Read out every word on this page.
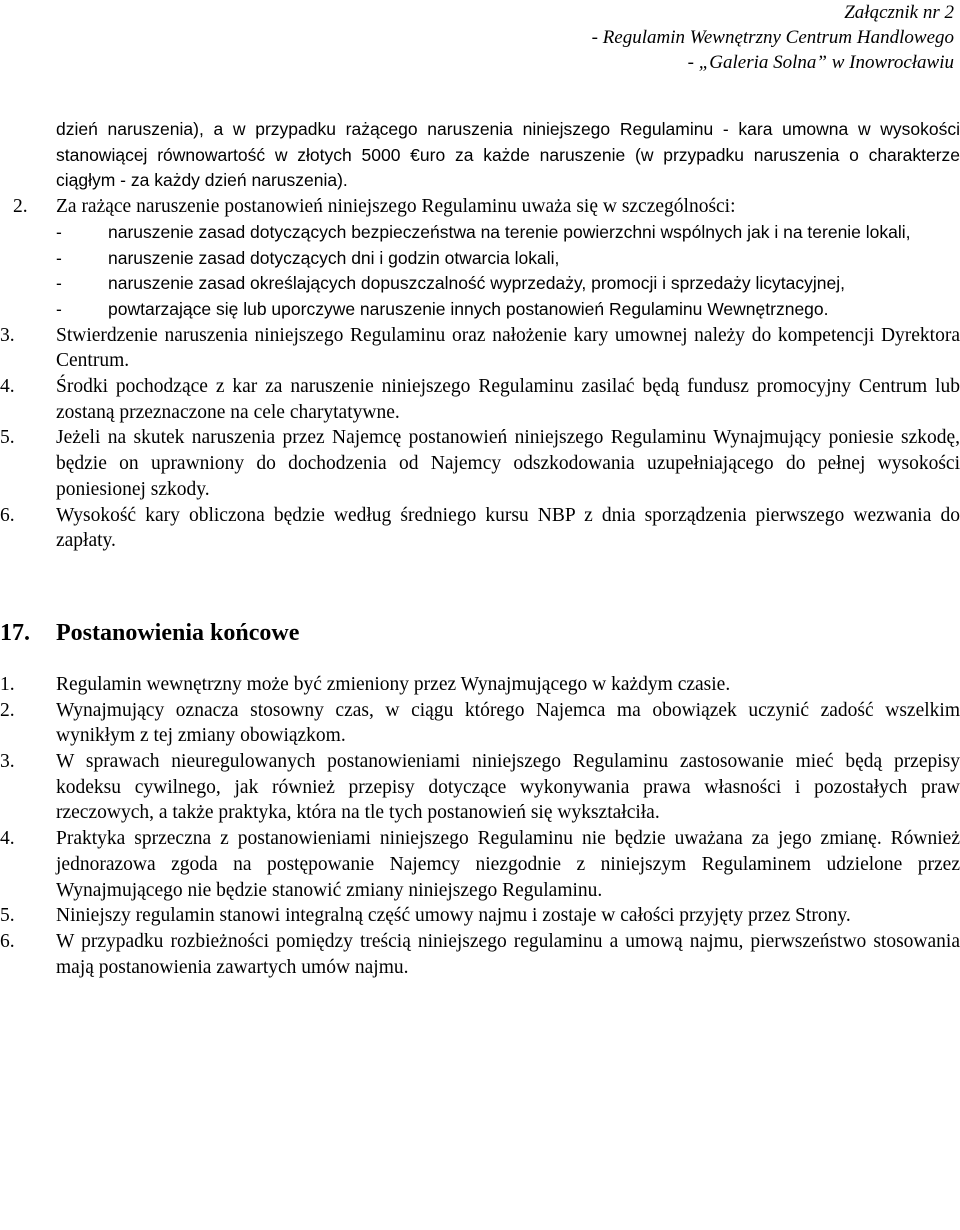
Załącznik nr 2
- Regulamin Wewnętrzny Centrum Handlowego
- „Galeria Solna” w Inowrocławiu

dzień naruszenia), a w przypadku rażącego naruszenia niniejszego Regulaminu - kara umowna w wysokości stanowiącej równowartość w złotych 5000 €uro za każde naruszenie (w przypadku naruszenia o charakterze ciągłym - za każdy dzień naruszenia).

2. Za rażące naruszenie postanowień niniejszego Regulaminu uważa się w szczególności:
-	naruszenie zasad dotyczących bezpieczeństwa na terenie powierzchni wspólnych jak i na terenie lokali,
-	naruszenie zasad dotyczących dni i godzin otwarcia lokali,
-	naruszenie zasad określających dopuszczalność wyprzedaży, promocji i sprzedaży licytacyjnej,
-	powtarzające się lub uporczywe naruszenie innych postanowień Regulaminu Wewnętrznego.
3. Stwierdzenie naruszenia niniejszego Regulaminu oraz nałożenie kary umownej należy do kompetencji Dyrektora Centrum.
4. Środki pochodzące z kar za naruszenie niniejszego Regulaminu zasilać będą fundusz promocyjny Centrum lub zostaną przeznaczone na cele charytatywne.
5. Jeżeli na skutek naruszenia przez Najemcę postanowień niniejszego Regulaminu Wynajmujący poniesie szkodę, będzie on uprawniony do dochodzenia od Najemcy odszkodowania uzupełniającego do pełnej wysokości poniesionej szkody.
6. Wysokość kary obliczona będzie według średniego kursu NBP z dnia sporządzenia pierwszego wezwania do zapłaty.
17. Postanowienia końcowe
1. Regulamin wewnętrzny może być zmieniony przez Wynajmującego w każdym czasie.
2. Wynajmujący oznacza stosowny czas, w ciągu którego Najemca ma obowiązek uczynić zadość wszelkim wynikłym z tej zmiany obowiązkom.
3. W sprawach nieuregulowanych postanowieniami niniejszego Regulaminu zastosowanie mieć będą przepisy kodeksu cywilnego, jak również przepisy dotyczące wykonywania prawa własności i pozostałych praw rzeczowych, a także praktyka, która na tle tych postanowień się wykształciła.
4. Praktyka sprzeczna z postanowieniami niniejszego Regulaminu nie będzie uważana za jego zmianę. Również jednorazowa zgoda na postępowanie Najemcy niezgodnie z niniejszym Regulaminem udzielone przez Wynajmującego nie będzie stanowić zmiany niniejszego Regulaminu.
5. Niniejszy regulamin stanowi integralną część umowy najmu i zostaje w całości przyjęty przez Strony.
6. W przypadku rozbieżności pomiędzy treścią niniejszego regulaminu a umową najmu, pierwszeństwo stosowania mają postanowienia zawartych umów najmu.
